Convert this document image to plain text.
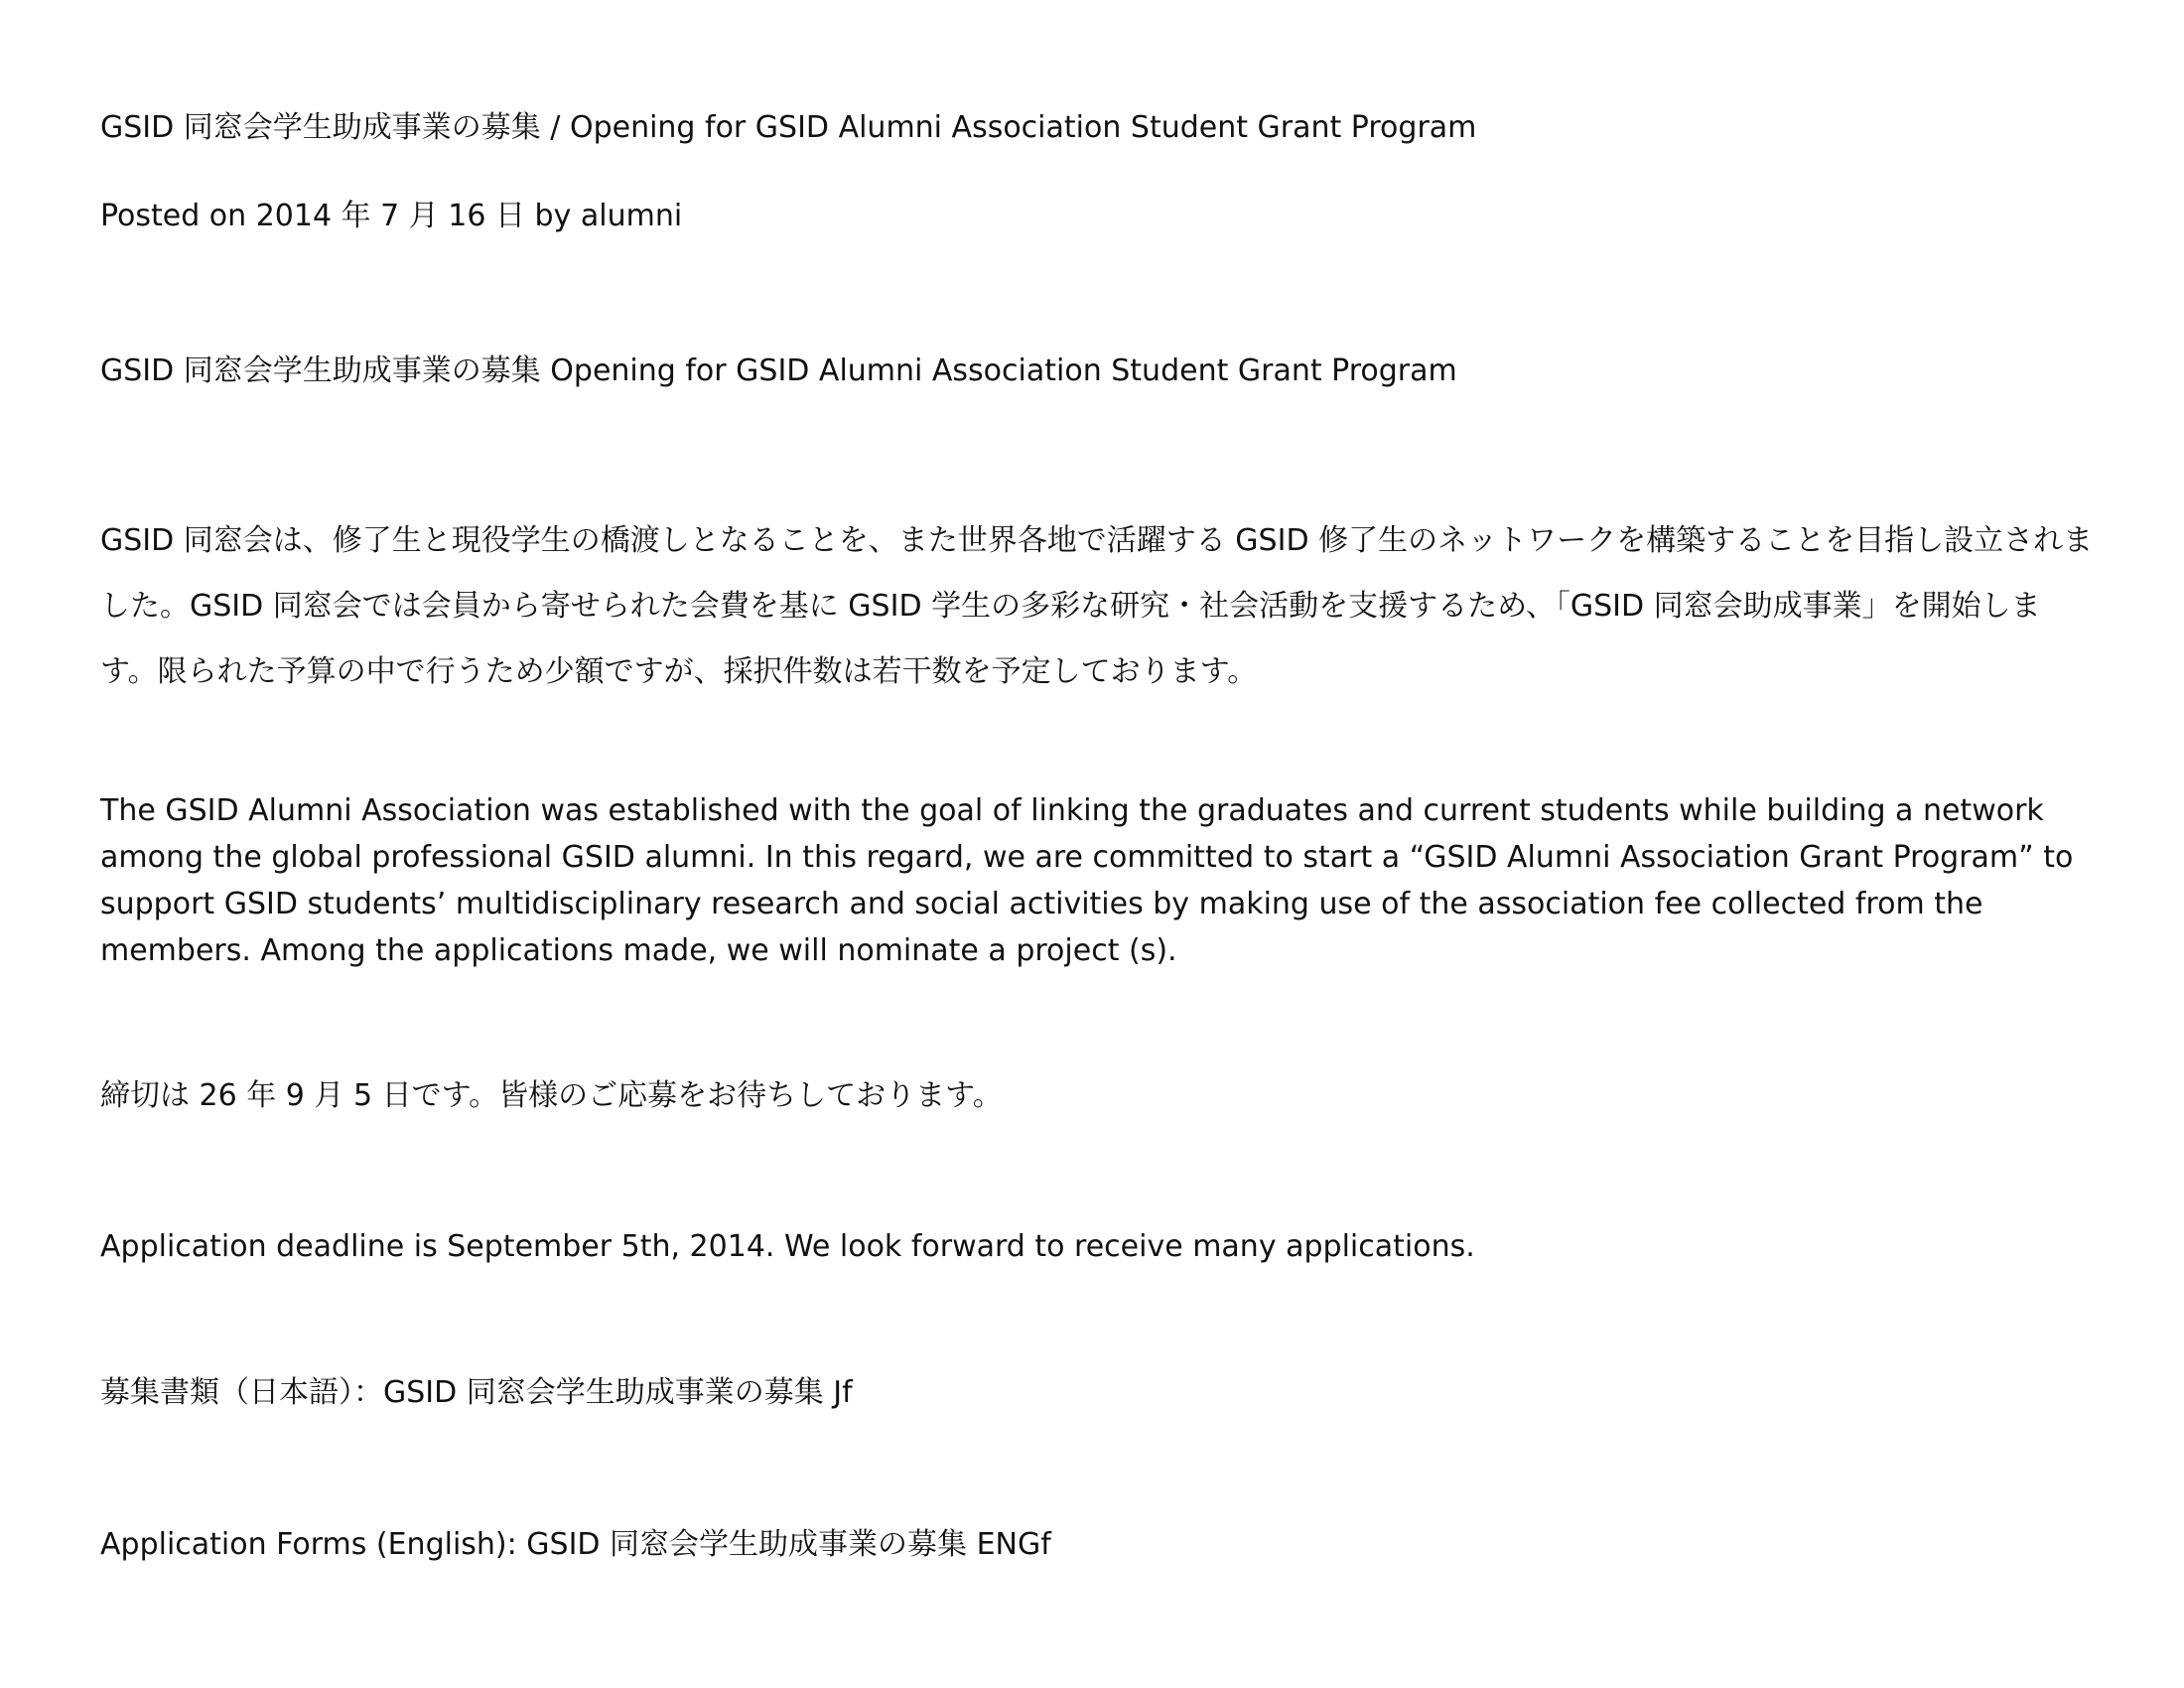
GSID 同窓会学生助成事業の募集 / Opening for GSID Alumni Association Student Grant Program
Posted on 2014 年 7 月 16 日 by alumni
GSID 同窓会学生助成事業の募集 Opening for GSID Alumni Association Student Grant Program
GSID 同窓会は、修了生と現役学生の橋渡しとなることを、また世界各地で活躍する GSID 修了生のネットワークを構築することを目指し設立されました。GSID 同窓会では会員から寄せられた会費を基に GSID 学生の多彩な研究・社会活動を支援するため、「GSID 同窓会助成事業」を開始します。限られた予算の中で行うため少額ですが、採択件数は若干数を予定しております。
The GSID Alumni Association was established with the goal of linking the graduates and current students while building a network among the global professional GSID alumni. In this regard, we are committed to start a “GSID Alumni Association Grant Program” to support GSID students’ multidisciplinary research and social activities by making use of the association fee collected from the members. Among the applications made, we will nominate a project (s).
締切は 26 年 9 月 5 日です。皆様のご応募をお待ちしております。
Application deadline is September 5th, 2014. We look forward to receive many applications.
募集書類（日本語）：GSID 同窓会学生助成事業の募集 Jf
Application Forms (English): GSID 同窓会学生助成事業の募集 ENGf
